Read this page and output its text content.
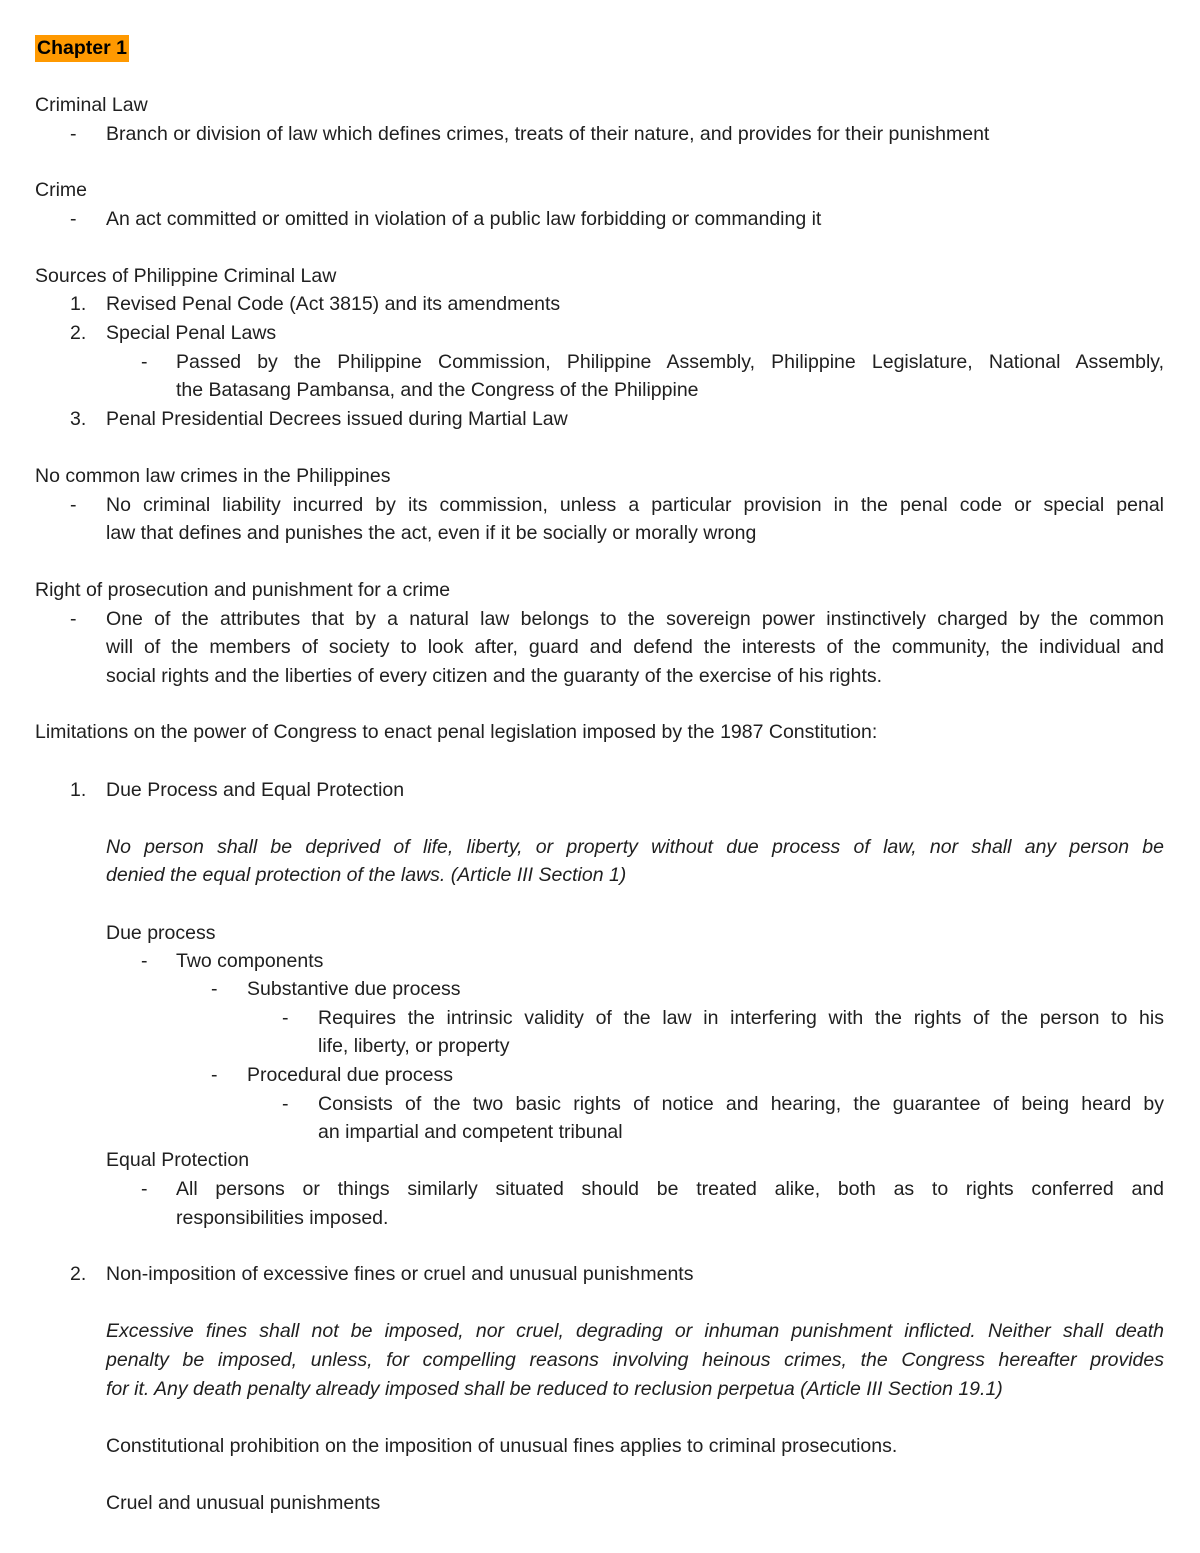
Chapter 1
Criminal Law
- Branch or division of law which defines crimes, treats of their nature, and provides for their punishment
Crime
- An act committed or omitted in violation of a public law forbidding or commanding it
Sources of Philippine Criminal Law
1. Revised Penal Code (Act 3815) and its amendments
2. Special Penal Laws
- Passed by the Philippine Commission, Philippine Assembly, Philippine Legislature, National Assembly,
the Batasang Pambansa, and the Congress of the Philippine
3. Penal Presidential Decrees issued during Martial Law
No common law crimes in the Philippines
- No criminal liability incurred by its commission, unless a particular provision in the penal code or special penal
law that defines and punishes the act, even if it be socially or morally wrong
Right of prosecution and punishment for a crime
- One of the attributes that by a natural law belongs to the sovereign power instinctively charged by the common
will of the members of society to look after, guard and defend the interests of the community, the individual and
social rights and the liberties of every citizen and the guaranty of the exercise of his rights.
Limitations on the power of Congress to enact penal legislation imposed by the 1987 Constitution:
1. Due Process and Equal Protection
No person shall be deprived of life, liberty, or property without due process of law, nor shall any person be
denied the equal protection of the laws. (Article III Section 1)
Due process
- Two components
- Substantive due process
- Requires the intrinsic validity of the law in interfering with the rights of the person to his
life, liberty, or property
- Procedural due process
- Consists of the two basic rights of notice and hearing, the guarantee of being heard by
an impartial and competent tribunal
Equal Protection
- All persons or things similarly situated should be treated alike, both as to rights conferred and
responsibilities imposed.
2. Non-imposition of excessive fines or cruel and unusual punishments
Excessive fines shall not be imposed, nor cruel, degrading or inhuman punishment inflicted. Neither shall death
penalty be imposed, unless, for compelling reasons involving heinous crimes, the Congress hereafter provides
for it. Any death penalty already imposed shall be reduced to reclusion perpetua (Article III Section 19.1)
Constitutional prohibition on the imposition of unusual fines applies to criminal prosecutions.
Cruel and unusual punishments
